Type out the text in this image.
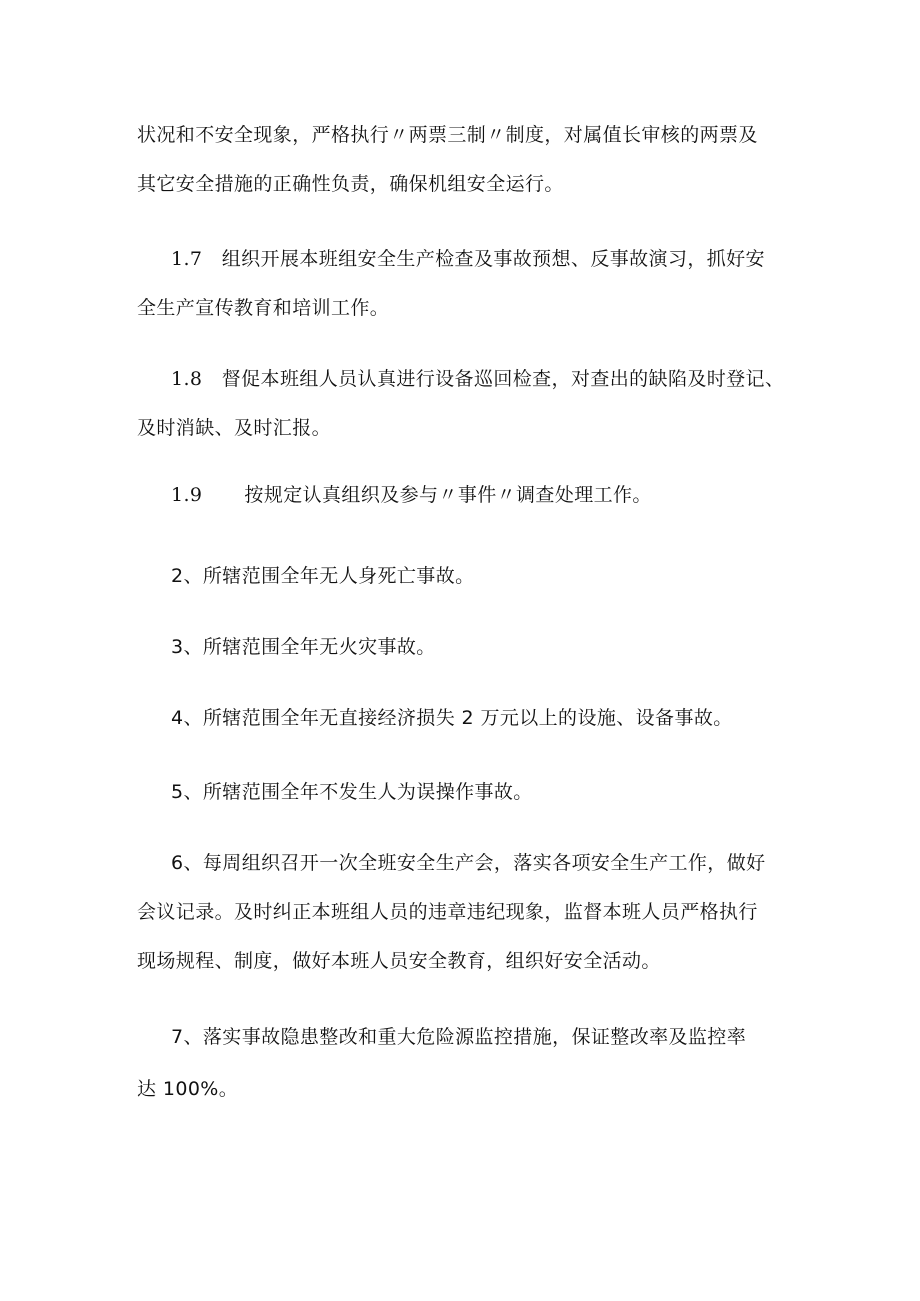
状况和不安全现象，严格执行〃两票三制〃制度，对属值长审核的两票及
其它安全措施的正确性负责，确保机组安全运行。

1.7 组织开展本班组安全生产检查及事故预想、反事故演习，抓好安
全生产宣传教育和培训工作。

1.8 督促本班组人员认真进行设备巡回检查，对查出的缺陷及时登记、
及时消缺、及时汇报。

1.9 按规定认真组织及参与〃事件〃调查处理工作。

2、所辖范围全年无人身死亡事故。

3、所辖范围全年无火灾事故。

4、所辖范围全年无直接经济损失 2 万元以上的设施、设备事故。

5、所辖范围全年不发生人为误操作事故。

6、每周组织召开一次全班安全生产会，落实各项安全生产工作，做好
会议记录。及时纠正本班组人员的违章违纪现象，监督本班人员严格执行
现场规程、制度，做好本班人员安全教育，组织好安全活动。

7、落实事故隐患整改和重大危险源监控措施，保证整改率及监控率
达 100%。
